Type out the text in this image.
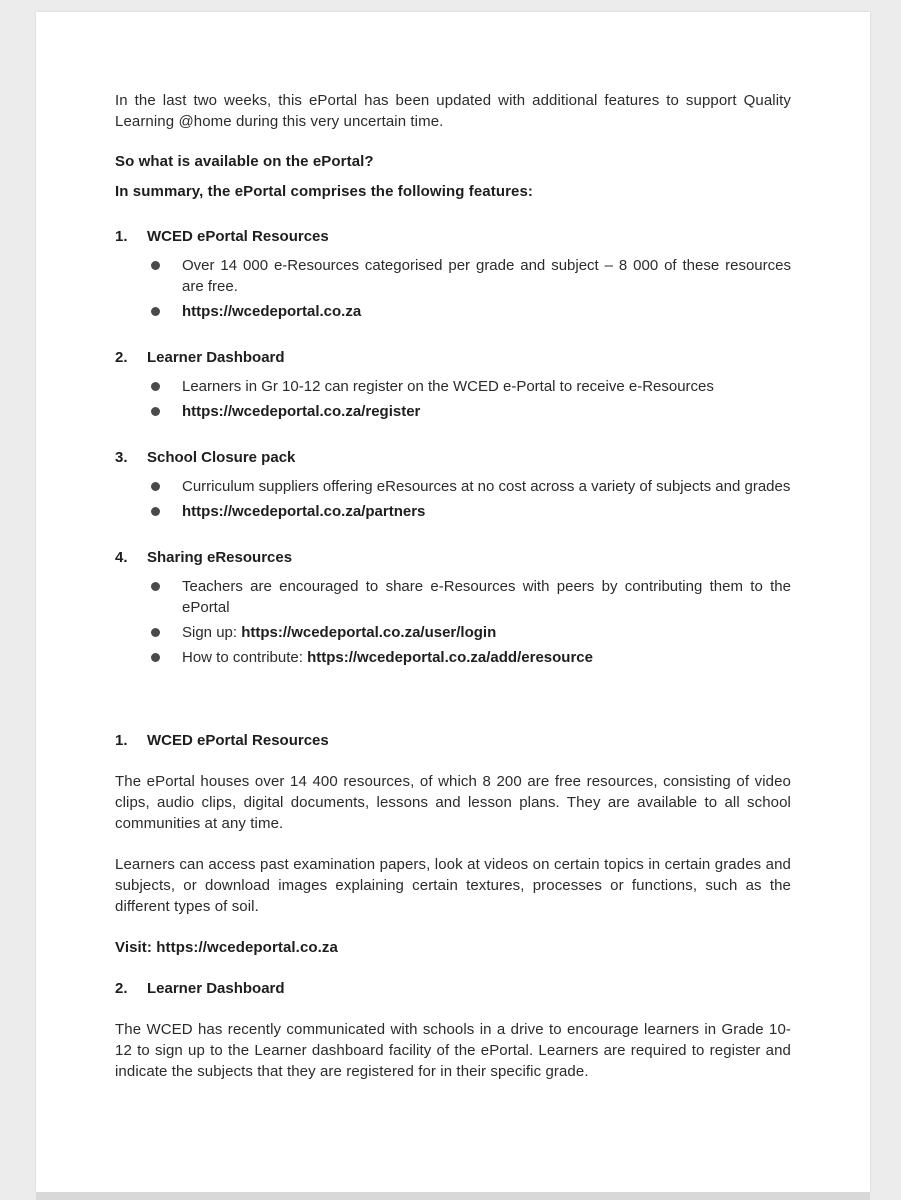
In the last two weeks, this ePortal has been updated with additional features to support Quality Learning @home during this very uncertain time.

So what is available on the ePortal?

In summary, the ePortal comprises the following features:

1.	WCED ePortal Resources
Over 14 000 e-Resources categorised per grade and subject – 8 000 of these resources are free.
https://wcedeportal.co.za
2.	Learner Dashboard
Learners in Gr 10-12 can register on the WCED e-Portal to receive e-Resources
https://wcedeportal.co.za/register
3.	School Closure pack
Curriculum suppliers offering eResources at no cost across a variety of subjects and grades
https://wcedeportal.co.za/partners
4.	Sharing eResources
Teachers are encouraged to share e-Resources with peers by contributing them to the ePortal
Sign up: https://wcedeportal.co.za/user/login
How to contribute: https://wcedeportal.co.za/add/eresource
1.	WCED ePortal Resources

The ePortal houses over 14 400 resources, of which 8 200 are free resources, consisting of video clips, audio clips, digital documents, lessons and lesson plans. They are available to all school communities at any time.

Learners can access past examination papers, look at videos on certain topics in certain grades and subjects, or download images explaining certain textures, processes or functions, such as the different types of soil.

Visit: https://wcedeportal.co.za

2.	Learner Dashboard

The WCED has recently communicated with schools in a drive to encourage learners in Grade 10-12 to sign up to the Learner dashboard facility of the ePortal. Learners are required to register and indicate the subjects that they are registered for in their specific grade.
